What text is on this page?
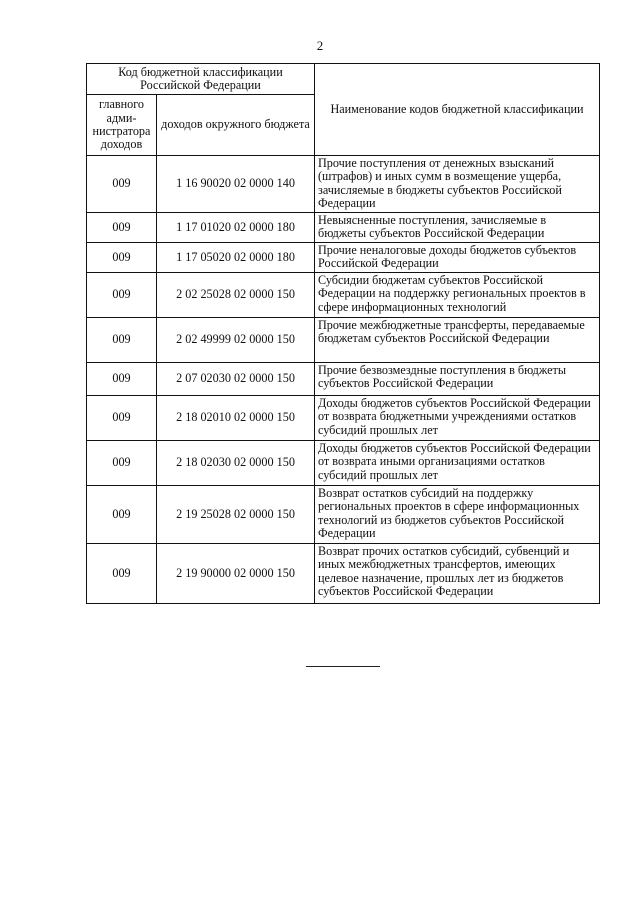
2
Код бюджетной классификации Российской Федерации		Наименование кодов бюджетной классификации
главного адми-нистратора доходов	доходов окружного бюджета	
009	1 16 90020 02 0000 140	Прочие поступления от денежных взысканий (штрафов) и иных сумм в возмещение ущерба, зачисляемые в бюджеты субъектов Российской Федерации
009	1 17 01020 02 0000 180	Невыясненные поступления, зачисляемые в бюджеты субъектов Российской Федерации
009	1 17 05020 02 0000 180	Прочие неналоговые доходы бюджетов субъектов Российской Федерации
009	2 02 25028 02 0000 150	Субсидии бюджетам субъектов Российской Федерации на поддержку региональных проектов в сфере информационных технологий
009	2 02 49999 02 0000 150	Прочие межбюджетные трансферты, передаваемые бюджетам субъектов Российской Федерации
009	2 07 02030 02 0000 150	Прочие безвозмездные поступления в бюджеты субъектов Российской Федерации
009	2 18 02010 02 0000 150	Доходы бюджетов субъектов Российской Федерации от возврата бюджетными учреждениями остатков субсидий прошлых лет
009	2 18 02030 02 0000 150	Доходы бюджетов субъектов Российской Федерации от возврата иными организациями остатков субсидий прошлых лет
009	2 19 25028 02 0000 150	Возврат остатков субсидий на поддержку региональных проектов в сфере информационных технологий из бюджетов субъектов Российской Федерации
009	2 19 90000 02 0000 150	Возврат прочих остатков субсидий, субвенций и иных межбюджетных трансфертов, имеющих целевое назначение, прошлых лет из бюджетов субъектов Российской Федерации
